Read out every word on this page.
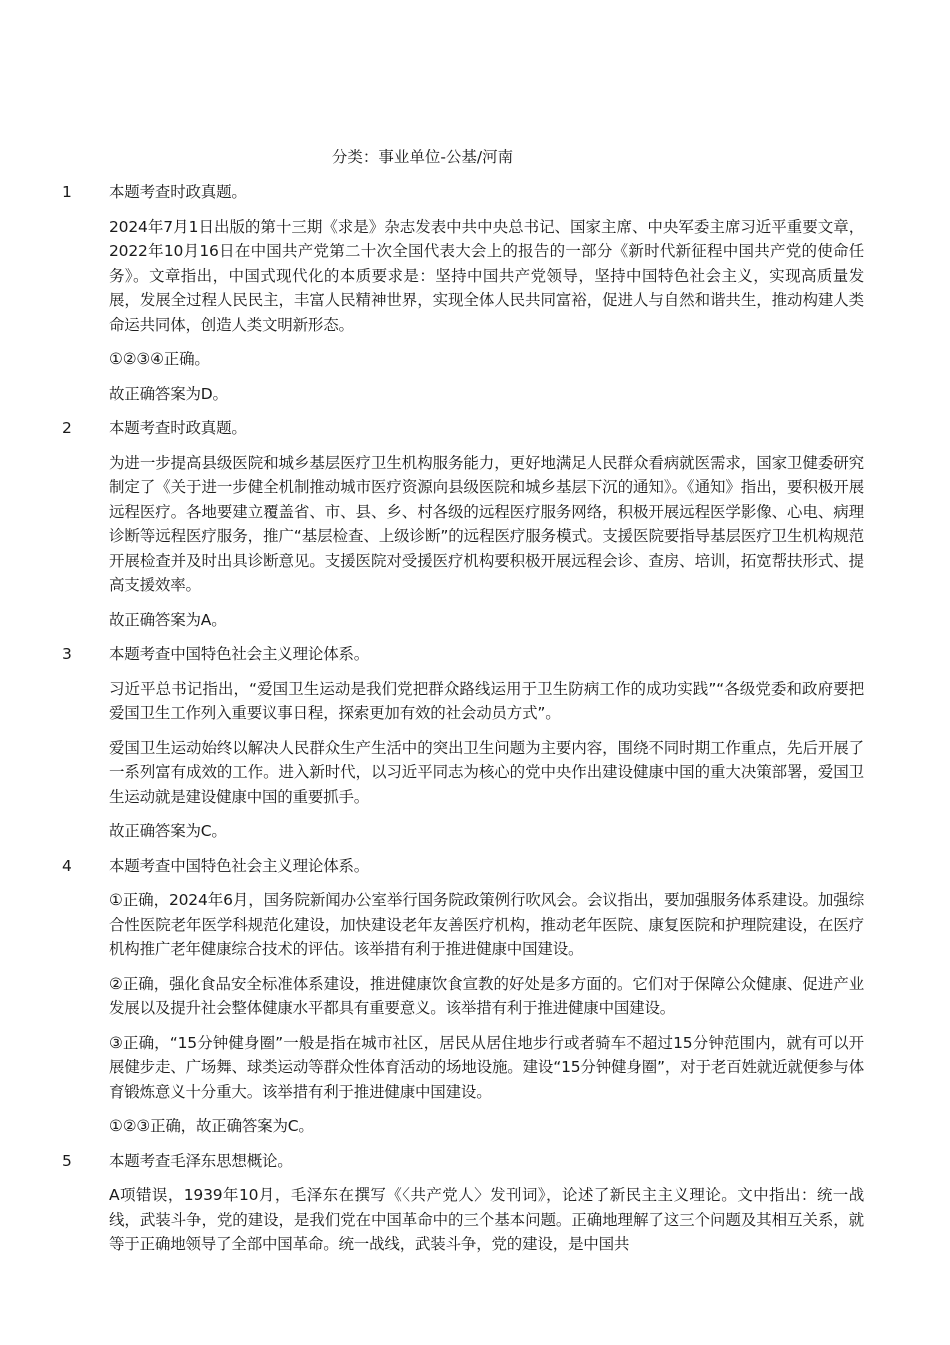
分类：事业单位-公基/河南
1 本题考查时政真题。

2024年7月1日出版的第十三期《求是》杂志发表中共中央总书记、国家主席、中央军委主席习近平重要文章，2022年10月16日在中国共产党第二十次全国代表大会上的报告的一部分《新时代新征程中国共产党的使命任务》。文章指出，中国式现代化的本质要求是：坚持中国共产党领导，坚持中国特色社会主义，实现高质量发展，发展全过程人民民主，丰富人民精神世界，实现全体人民共同富裕，促进人与自然和谐共生，推动构建人类命运共同体，创造人类文明新形态。

①②③④正确。

故正确答案为D。

2 本题考查时政真题。

为进一步提高县级医院和城乡基层医疗卫生机构服务能力，更好地满足人民群众看病就医需求，国家卫健委研究制定了《关于进一步健全机制推动城市医疗资源向县级医院和城乡基层下沉的通知》。《通知》指出，要积极开展远程医疗。各地要建立覆盖省、市、县、乡、村各级的远程医疗服务网络，积极开展远程医学影像、心电、病理诊断等远程医疗服务，推广“基层检查、上级诊断”的远程医疗服务模式。支援医院要指导基层医疗卫生机构规范开展检查并及时出具诊断意见。支援医院对受援医疗机构要积极开展远程会诊、查房、培训，拓宽帮扶形式、提高支援效率。

故正确答案为A。

3 本题考查中国特色社会主义理论体系。

习近平总书记指出，“爱国卫生运动是我们党把群众路线运用于卫生防病工作的成功实践”“各级党委和政府要把爱国卫生工作列入重要议事日程，探索更加有效的社会动员方式”。

爱国卫生运动始终以解决人民群众生产生活中的突出卫生问题为主要内容，围绕不同时期工作重点，先后开展了一系列富有成效的工作。进入新时代，以习近平同志为核心的党中央作出建设健康中国的重大决策部署，爱国卫生运动就是建设健康中国的重要抓手。

故正确答案为C。

4 本题考查中国特色社会主义理论体系。

①正确，2024年6月，国务院新闻办公室举行国务院政策例行吹风会。会议指出，要加强服务体系建设。加强综合性医院老年医学科规范化建设，加快建设老年友善医疗机构，推动老年医院、康复医院和护理院建设，在医疗机构推广老年健康综合技术的评估。该举措有利于推进健康中国建设。

②正确，强化食品安全标准体系建设，推进健康饮食宣教的好处是多方面的。它们对于保障公众健康、促进产业发展以及提升社会整体健康水平都具有重要意义。该举措有利于推进健康中国建设。

③正确，“15分钟健身圈”一般是指在城市社区，居民从居住地步行或者骑车不超过15分钟范围内，就有可以开展健步走、广场舞、球类运动等群众性体育活动的场地设施。建设“15分钟健身圈”，对于老百姓就近就便参与体育锻炼意义十分重大。该举措有利于推进健康中国建设。

①②③正确，故正确答案为C。

5 本题考查毛泽东思想概论。

A项错误，1939年10月，毛泽东在撰写《〈共产党人〉发刊词》，论述了新民主主义理论。文中指出：统一战线，武装斗争，党的建设，是我们党在中国革命中的三个基本问题。正确地理解了这三个问题及其相互关系，就等于正确地领导了全部中国革命。统一战线，武装斗争，党的建设，是中国共
